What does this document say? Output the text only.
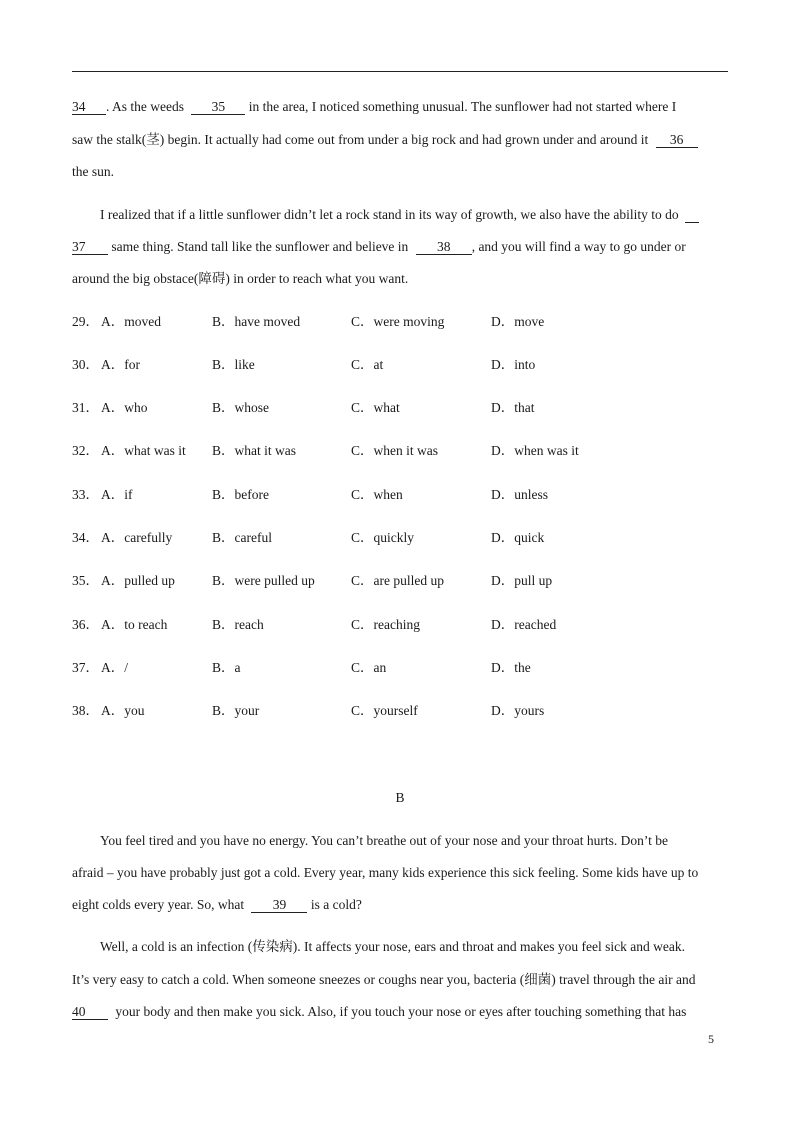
34 . As the weeds 35 in the area, I noticed something unusual. The sunflower had not started where I
saw the stalk(茎) begin. It actually had come out from under a big rock and had grown under and around it 36
the sun.
I realized that if a little sunflower didn’t let a rock stand in its way of growth, we also have the ability to do
37 same thing. Stand tall like the sunflower and believe in 38 , and you will find a way to go under or
around the big obstace(障碍) in order to reach what you want.
29． A．moved	B．have moved	C．were moving	D．move
30． A．for	B．like	C．at	D．into
31． A．who	B．whose	C．what	D．that
32． A．what was it B．what it was	C．when it was	D．when was it
33． A．if	B．before	C．when	D．unless
34． A．carefully	B．careful	C．quickly	D．quick
35． A．pulled up	B．were pulled up	C．are pulled up	D．pull up
36． A．to reach	B．reach	C．reaching	D．reached
37． A．/	B．a	C．an	D．the
38． A．you	B．your	C．yourself	D．yours
B
You feel tired and you have no energy. You can’t breathe out of your nose and your throat hurts. Don’t be
afraid – you have probably just got a cold. Every year, many kids experience this sick feeling. Some kids have up to
eight colds every year. So, what 39 is a cold?
Well, a cold is an infection (传染病). It affects your nose, ears and throat and makes you feel sick and weak.
It’s very easy to catch a cold. When someone sneezes or coughs near you, bacteria (细菌) travel through the air and
40 your body and then make you sick. Also, if you touch your nose or eyes after touching something that has
5
